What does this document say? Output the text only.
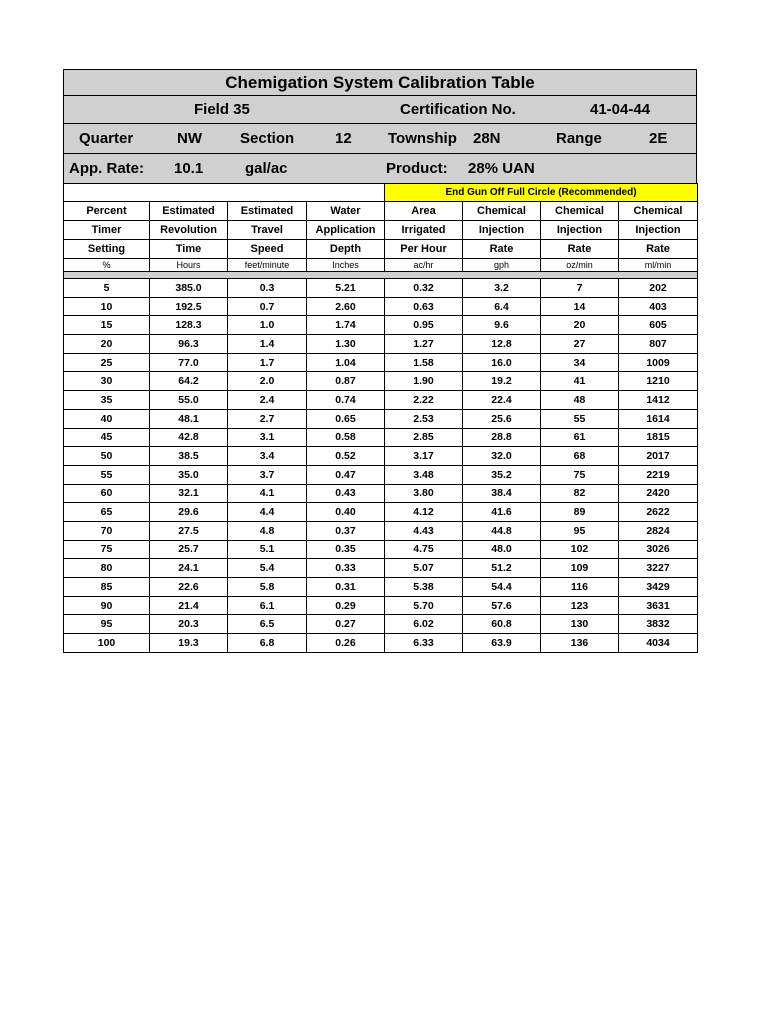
Chemigation System Calibration Table
Field 35	Certification No.	41-04-44
Quarter	NW	Section	12 Township 28N	Range	2E
App. Rate: 10.1	gal/ac	Product: 28% UAN
				End Gun Off Full Circle (Recommended)			
Percent	Estimated	Estimated	Water	Area	Chemical	Chemical	Chemical
Timer	Revolution	Travel	Application	Irrigated	Injection	Injection	Injection
Setting	Time	Speed	Depth	Per Hour	Rate	Rate	Rate
%	Hours	feet/minute	Inches	ac/hr	gph	oz/min	ml/min

5	385.0	0.3	5.21	0.32	3.2	7	202
10	192.5	0.7	2.60	0.63	6.4	14	403
15	128.3	1.0	1.74	0.95	9.6	20	605
20	96.3	1.4	1.30	1.27	12.8	27	807
25	77.0	1.7	1.04	1.58	16.0	34	1009
30	64.2	2.0	0.87	1.90	19.2	41	1210
35	55.0	2.4	0.74	2.22	22.4	48	1412
40	48.1	2.7	0.65	2.53	25.6	55	1614
45	42.8	3.1	0.58	2.85	28.8	61	1815
50	38.5	3.4	0.52	3.17	32.0	68	2017
55	35.0	3.7	0.47	3.48	35.2	75	2219
60	32.1	4.1	0.43	3.80	38.4	82	2420
65	29.6	4.4	0.40	4.12	41.6	89	2622
70	27.5	4.8	0.37	4.43	44.8	95	2824
75	25.7	5.1	0.35	4.75	48.0	102	3026
80	24.1	5.4	0.33	5.07	51.2	109	3227
85	22.6	5.8	0.31	5.38	54.4	116	3429
90	21.4	6.1	0.29	5.70	57.6	123	3631
95	20.3	6.5	0.27	6.02	60.8	130	3832
100	19.3	6.8	0.26	6.33	63.9	136	4034
